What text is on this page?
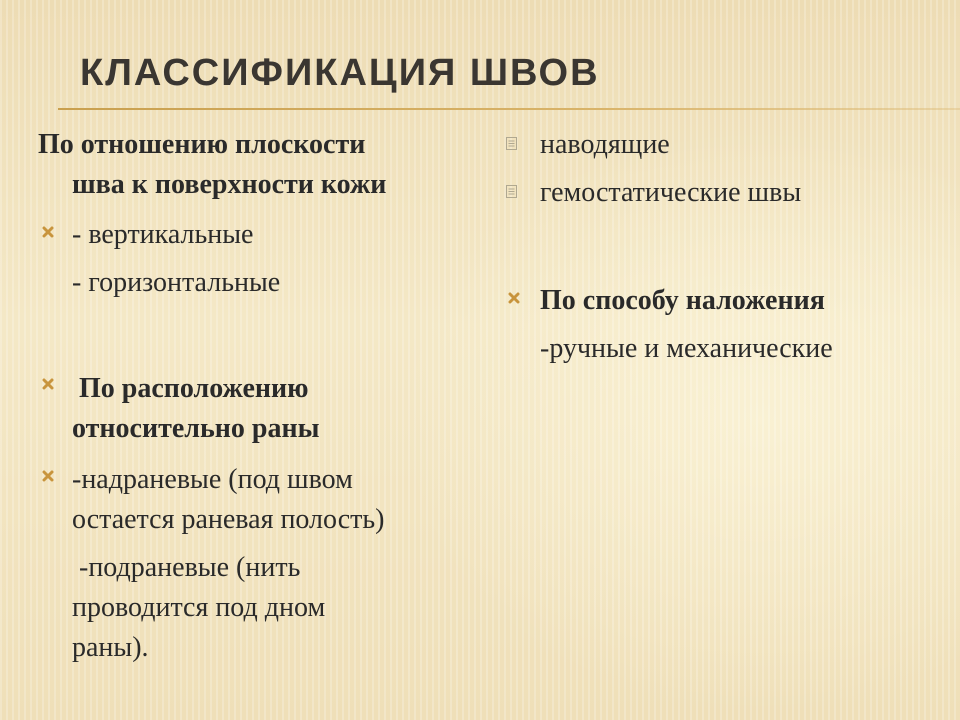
КЛАССИФИКАЦИЯ ШВОВ
По отношению плоскости
шва к поверхности кожи
- вертикальные
- горизонтальные
По расположению
относительно раны
-надраневые (под швом
остается раневая полость)
-подраневые (нить
проводится под дном
раны).
наводящие
гемостатические швы
По способу наложения
-ручные и механические
